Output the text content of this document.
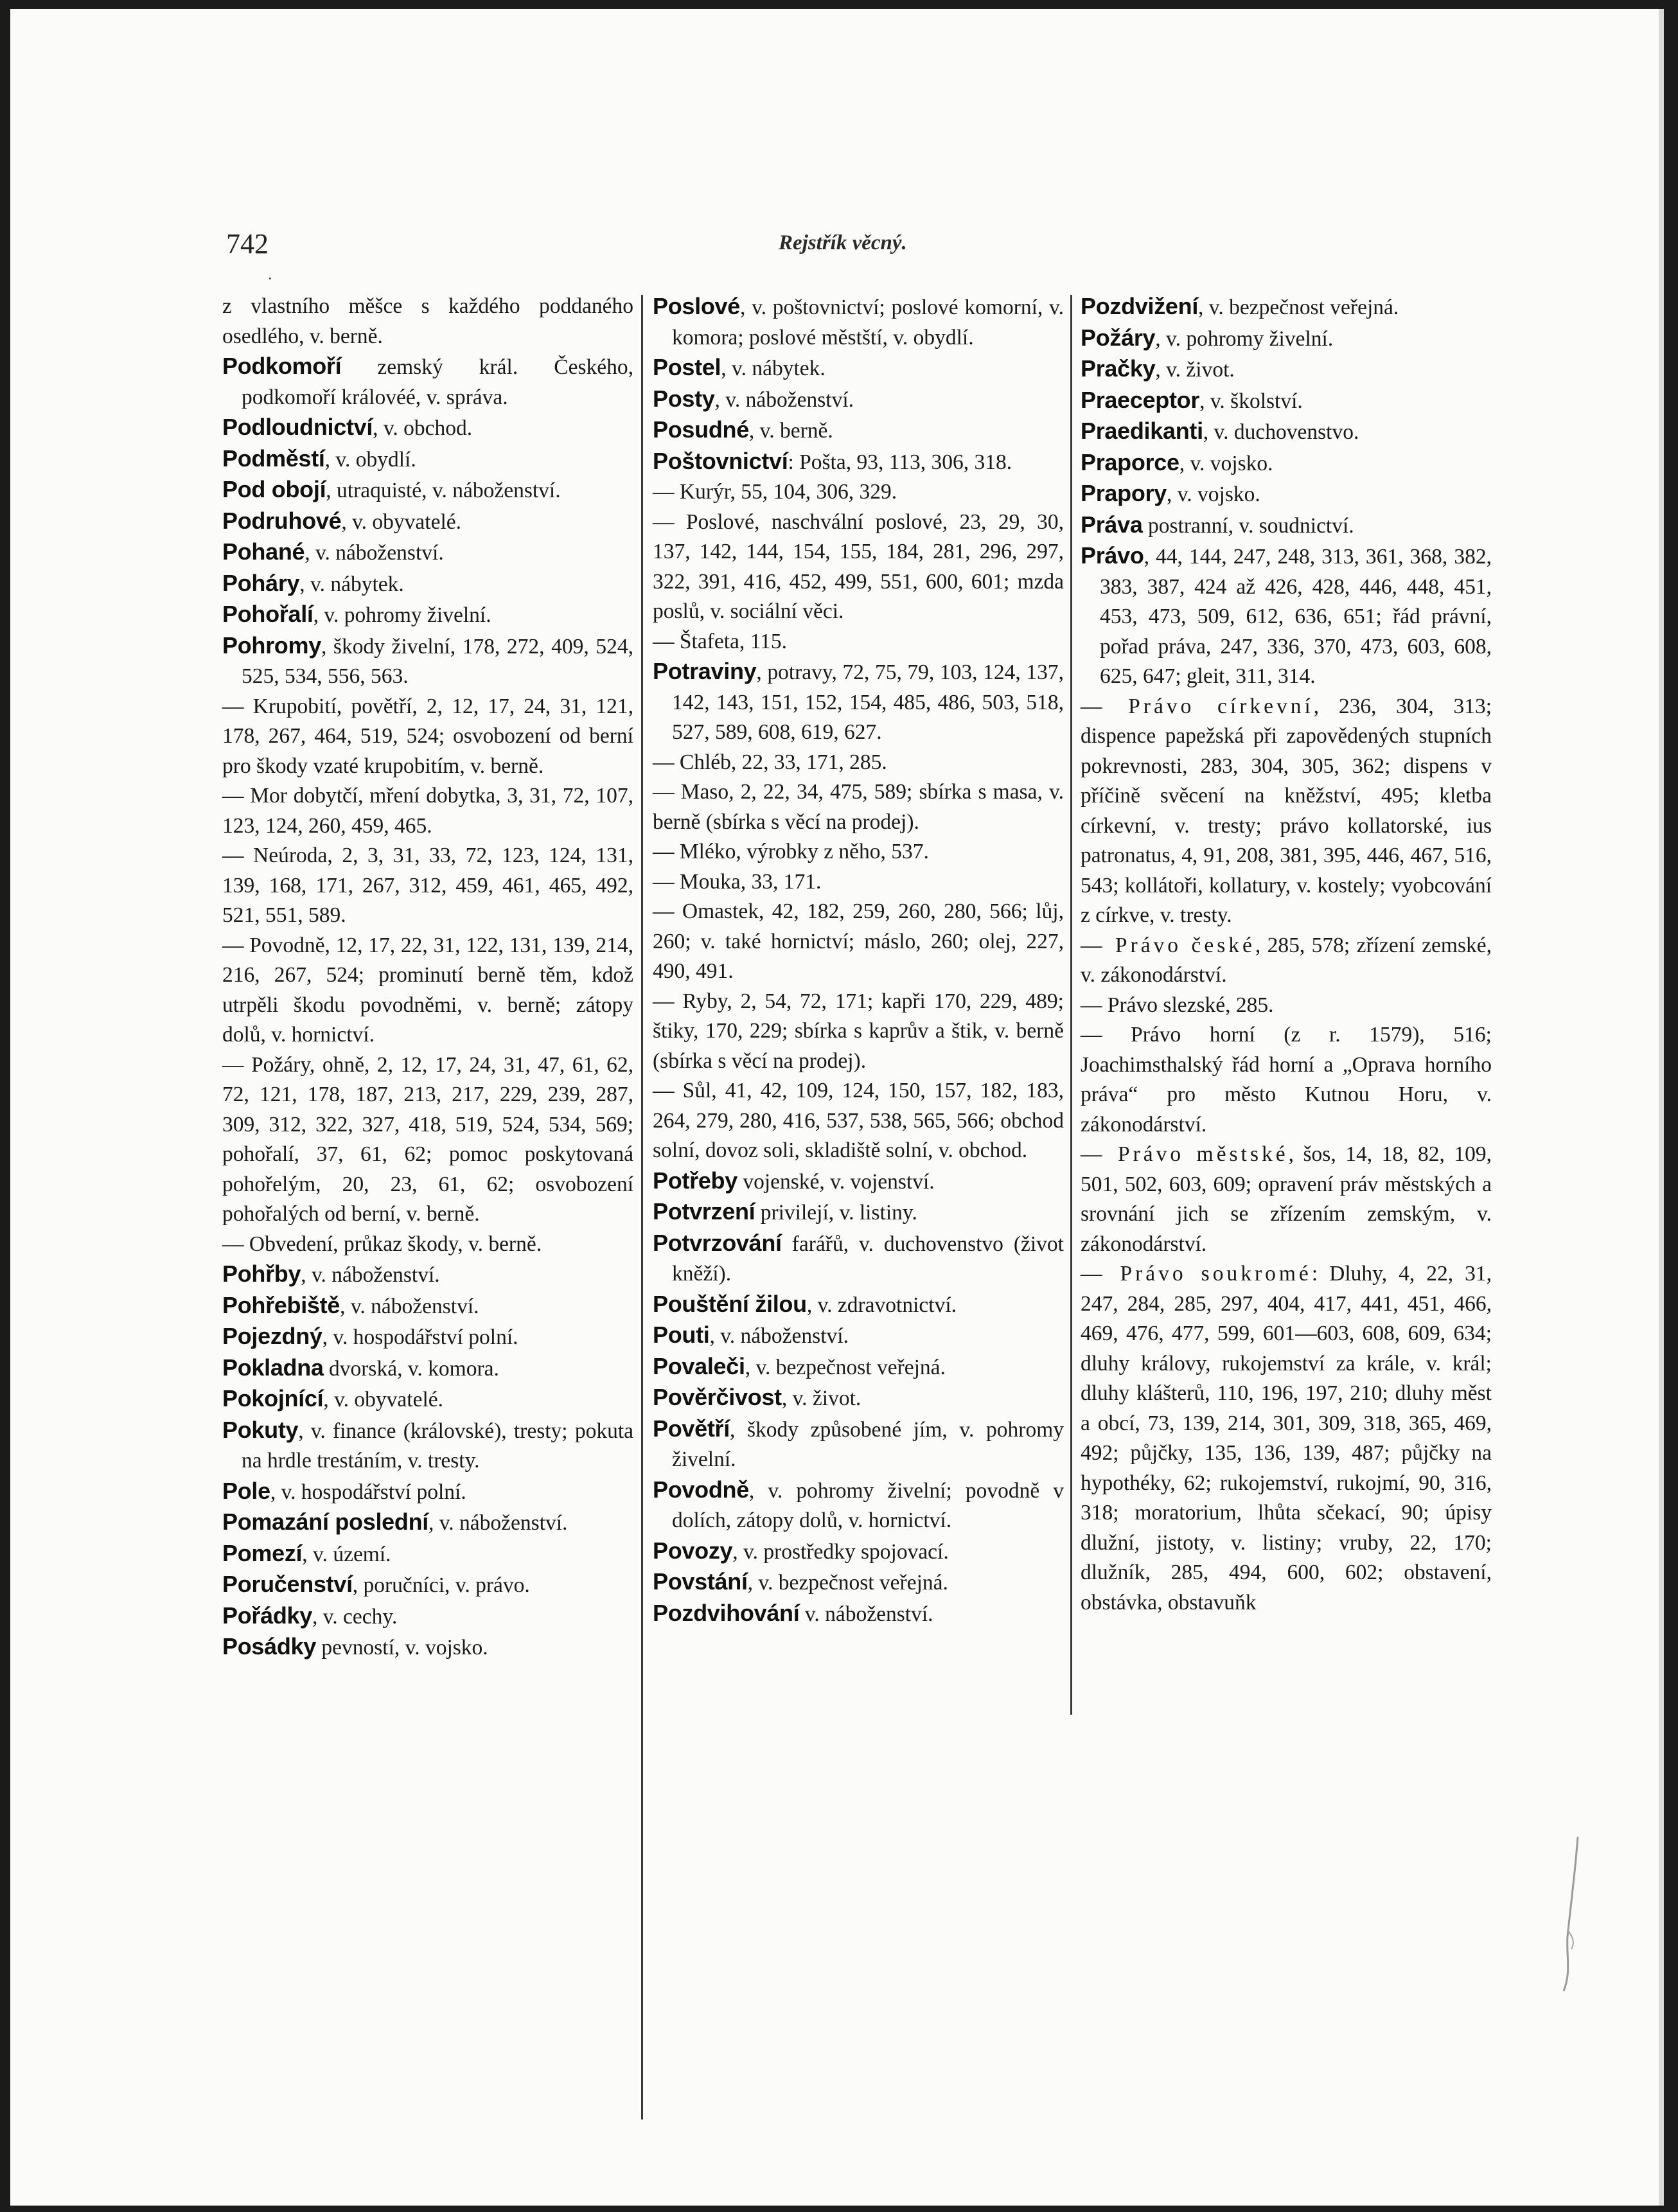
742	Rejstřík věcný.
·

z vlastního měšce s každého poddaného osedlého, v. berně.

Podkomoří zemský král. Českého, podkomoří královéé, v. správa.

Podloudnictví, v. obchod.

Podměstí, v. obydlí.

Pod obojí, utraquisté, v. náboženství.

Podruhové, v. obyvatelé.

Pohané, v. náboženství.

Poháry, v. nábytek.

Pohořalí, v. pohromy živelní.

Pohromy, škody živelní, 178, 272, 409, 524, 525, 534, 556, 563.

— Krupobití, povětří, 2, 12, 17, 24, 31, 121, 178, 267, 464, 519, 524; osvobození od berní pro škody vzaté krupobitím, v. berně.

— Mor dobytčí, mření dobytka, 3, 31, 72, 107, 123, 124, 260, 459, 465.

— Neúroda, 2, 3, 31, 33, 72, 123, 124, 131, 139, 168, 171, 267, 312, 459, 461, 465, 492, 521, 551, 589.

— Povodně, 12, 17, 22, 31, 122, 131, 139, 214, 216, 267, 524; prominutí berně těm, kdož utrpěli škodu povodněmi, v. berně; zátopy dolů, v. hornictví.

— Požáry, ohně, 2, 12, 17, 24, 31, 47, 61, 62, 72, 121, 178, 187, 213, 217, 229, 239, 287, 309, 312, 322, 327, 418, 519, 524, 534, 569; pohořalí, 37, 61, 62; pomoc poskytovaná pohořelým, 20, 23, 61, 62; osvobození pohořalých od berní, v. berně.

— Obvedení, průkaz škody, v. berně.

Pohřby, v. náboženství.

Pohřebiště, v. náboženství.

Pojezdný, v. hospodářství polní.

Pokladna dvorská, v. komora.

Pokojnící, v. obyvatelé.

Pokuty, v. finance (královské), tresty; pokuta na hrdle trestáním, v. tresty.

Pole, v. hospodářství polní.

Pomazání poslední, v. náboženství.

Pomezí, v. území.

Poručenství, poručníci, v. právo.

Pořádky, v. cechy.

Posádky pevností, v. vojsko.

Poslové, v. poštovnictví; poslové komorní, v. komora; poslové městští, v. obydlí.

Postel, v. nábytek.

Posty, v. náboženství.

Posudné, v. berně.

Poštovnictví: Pošta, 93, 113, 306, 318.

— Kurýr, 55, 104, 306, 329.

— Poslové, naschvální poslové, 23, 29, 30, 137, 142, 144, 154, 155, 184, 281, 296, 297, 322, 391, 416, 452, 499, 551, 600, 601; mzda poslů, v. sociální věci.

— Štafeta, 115.

Potraviny, potravy, 72, 75, 79, 103, 124, 137, 142, 143, 151, 152, 154, 485, 486, 503, 518, 527, 589, 608, 619, 627.

— Chléb, 22, 33, 171, 285.

— Maso, 2, 22, 34, 475, 589; sbírka s masa, v. berně (sbírka s věcí na prodej).

— Mléko, výrobky z něho, 537.

— Mouka, 33, 171.

— Omastek, 42, 182, 259, 260, 280, 566; lůj, 260; v. také hornictví; máslo, 260; olej, 227, 490, 491.

— Ryby, 2, 54, 72, 171; kapři 170, 229, 489; štiky, 170, 229; sbírka s kaprův a štik, v. berně (sbírka s věcí na prodej).

— Sůl, 41, 42, 109, 124, 150, 157, 182, 183, 264, 279, 280, 416, 537, 538, 565, 566; obchod solní, dovoz soli, skladiště solní, v. obchod.

Potřeby vojenské, v. vojenství.

Potvrzení privilejí, v. listiny.

Potvrzování farářů, v. duchovenstvo (život kněží).

Pouštění žilou, v. zdravotnictví.

Pouti, v. náboženství.

Povaleči, v. bezpečnost veřejná.

Pověrčivost, v. život.

Povětří, škody způsobené jím, v. pohromy živelní.

Povodně, v. pohromy živelní; povodně v dolích, zátopy dolů, v. hornictví.

Povozy, v. prostředky spojovací.

Povstání, v. bezpečnost veřejná.

Pozdvihování v. náboženství.

Pozdvižení, v. bezpečnost veřejná.

Požáry, v. pohromy živelní.

Pračky, v. život.

Praeceptor, v. školství.

Praedikanti, v. duchovenstvo.

Praporce, v. vojsko.

Prapory, v. vojsko.

Práva postranní, v. soudnictví.

Právo, 44, 144, 247, 248, 313, 361, 368, 382, 383, 387, 424 až 426, 428, 446, 448, 451, 453, 473, 509, 612, 636, 651; řád právní, pořad práva, 247, 336, 370, 473, 603, 608, 625, 647; gleit, 311, 314.

— Právo církevní, 236, 304, 313; dispence papežská při zapovědených stupních pokrevnosti, 283, 304, 305, 362; dispens v příčině svěcení na kněžství, 495; kletba církevní, v. tresty; právo kollatorské, ius patronatus, 4, 91, 208, 381, 395, 446, 467, 516, 543; kollátoři, kollatury, v. kostely; vyobcování z církve, v. tresty.

— Právo české, 285, 578; zřízení zemské, v. zákonodárství.

— Právo slezské, 285.

— Právo horní (z r. 1579), 516; Joachimsthalský řád horní a „Oprava horního práva“ pro město Kutnou Horu, v. zákonodárství.

— Právo městské, šos, 14, 18, 82, 109, 501, 502, 603, 609; opravení práv městských a srovnání jich se zřízením zemským, v. zákonodárství.

— Právo soukromé: Dluhy, 4, 22, 31, 247, 284, 285, 297, 404, 417, 441, 451, 466, 469, 476, 477, 599, 601—603, 608, 609, 634; dluhy královy, rukojemství za krále, v. král; dluhy klášterů, 110, 196, 197, 210; dluhy měst a obcí, 73, 139, 214, 301, 309, 318, 365, 469, 492; půjčky, 135, 136, 139, 487; půjčky na hypothéky, 62; rukojemství, rukojmí, 90, 316, 318; moratorium, lhůta sčekací, 90; úpisy dlužní, jistoty, v. listiny; vruby, 22, 170; dlužník, 285, 494, 600, 602; obstavení, obstávka, obstavuňk
